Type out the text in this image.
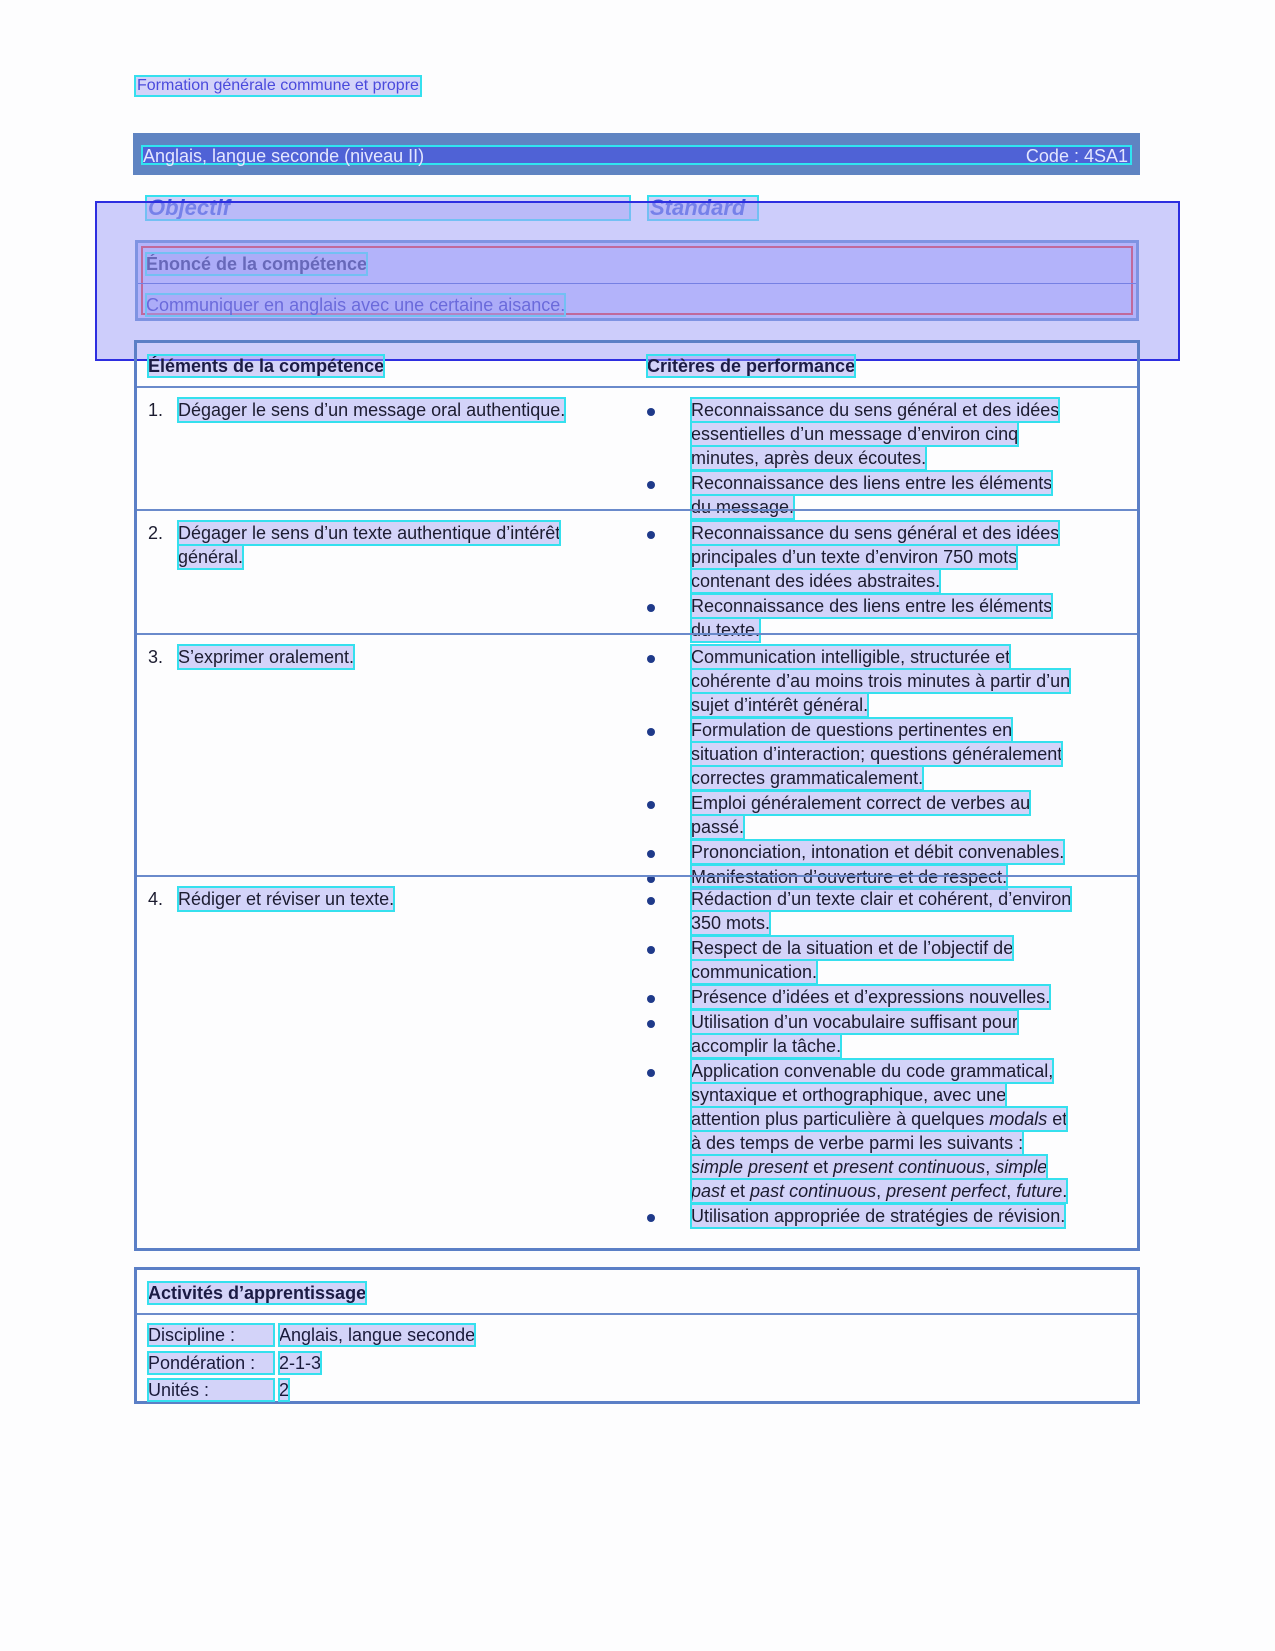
Formation générale commune et propre
Anglais, langue seconde (niveau II)	Code : 4SA1
Éléments de la compétence	Critères de performance
1. Dégager le sens d’un message oral authentique.	Reconnaissance du sens général et des idées
essentielles d’un message d’environ cinq
minutes, après deux écoutes.
Reconnaissance des liens entre les éléments
du message.
2. Dégager le sens d’un texte authentique d’intérêt
général.
Reconnaissance du sens général et des idées
principales d’un texte d’environ 750 mots
contenant des idées abstraites.
Reconnaissance des liens entre les éléments
du texte.
3. S’exprimer oralement.	Communication intelligible, structurée et
cohérente d’au moins trois minutes à partir d’un
sujet d’intérêt général.
Formulation de questions pertinentes en
situation d’interaction; questions généralement
correctes grammaticalement.
Emploi généralement correct de verbes au
passé.
Prononciation, intonation et débit convenables.
Manifestation d’ouverture et de respect.
4. Rédiger et réviser un texte.	Rédaction d’un texte clair et cohérent, d’environ
350 mots.
Respect de la situation et de l’objectif de
communication.
Présence d’idées et d’expressions nouvelles.
Utilisation d’un vocabulaire suffisant pour
accomplir la tâche.
Application convenable du code grammatical,
syntaxique et orthographique, avec une
attention plus particulière à quelques modals et
à des temps de verbe parmi les suivants :
simple present et present continuous, simple
past et past continuous, present perfect, future.
Utilisation appropriée de stratégies de révision.
Activités d’apprentissage
Discipline :	Anglais, langue seconde
Pondération :	2-1-3
Unités :	2
